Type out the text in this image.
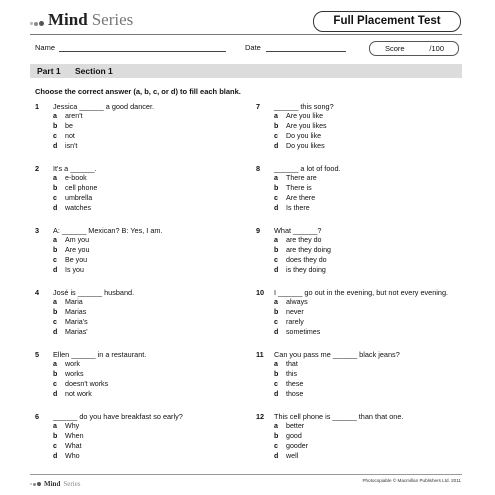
Mind Series	Full Placement Test
Name	Date	Score	/100
Part 1 Section 1
Choose the correct answer (a, b, c, or d) to fill each blank.
1 Jessica ______ a good dancer.
a aren't
b be
c not
d isn't
2 It's a ______.
a e-book
b cell phone
c umbrella
d watches
3 A: ______ Mexican? B: Yes, I am.
a Am you
b Are you
c Be you
d Is you
4 José is ______ husband.
a Maria
b Marias
c Maria's
d Marias'
5 Ellen ______ in a restaurant.
a work
b works
c doesn't works
d not work
6 ______ do you have breakfast so early?
a Why
b When
c What
d Who
7 ______ this song?
a Are you like
b Are you likes
c Do you like
d Do you likes
8 ______ a lot of food.
a There are
b There is
c Are there
d Is there
9 What ______?
a are they do
b are they doing
c does they do
d is they doing
10 I ______ go out in the evening, but not every evening.
a always
b never
c rarely
d sometimes
11 Can you pass me ______ black jeans?
a that
b this
c these
d those
12 This cell phone is ______ than that one.
a better
b good
c gooder
d well
Mind Series	Photocopiable © Macmillan Publishers Ltd. 2011
